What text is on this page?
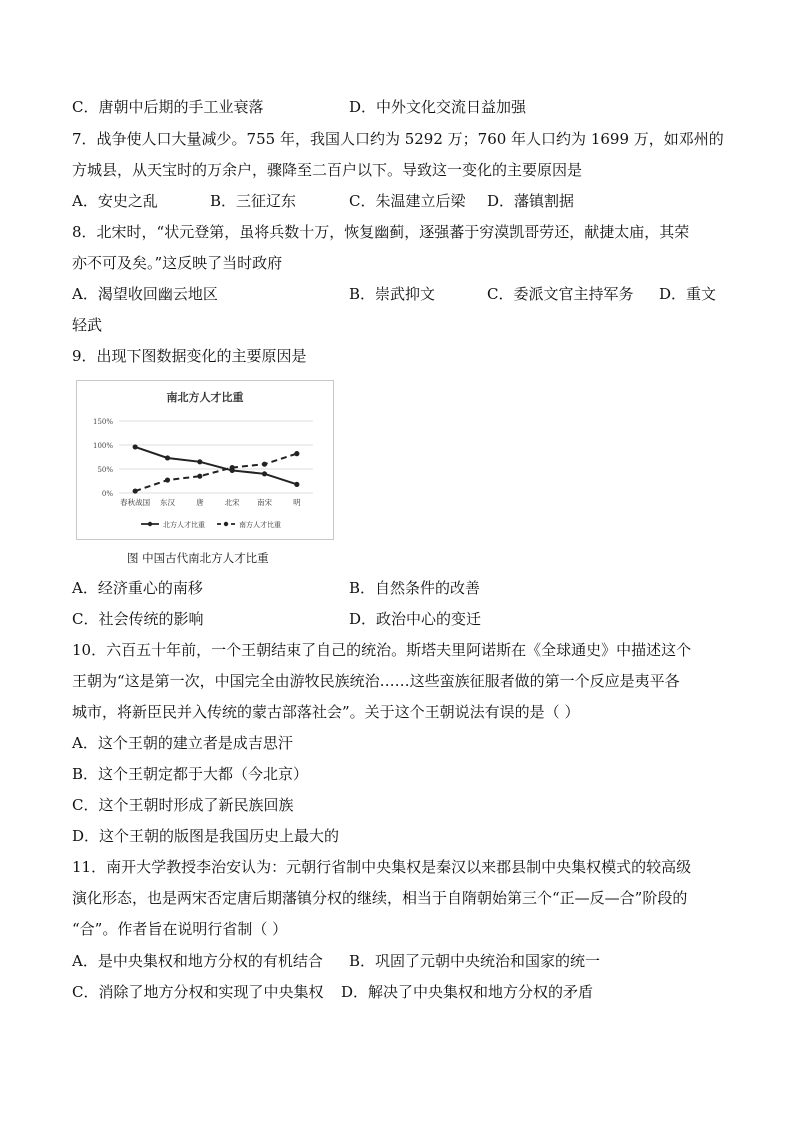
C．唐朝中后期的手工业衰落	D．中外文化交流日益加强
7．战争使人口大量减少。755 年，我国人口约为 5292 万；760 年人口约为 1699 万，如邓州的
方城县，从天宝时的万余户，骤降至二百户以下。导致这一变化的主要原因是
A．安史之乱	B．三征辽东	C．朱温建立后梁 D．藩镇割据
8．北宋时，“状元登第，虽将兵数十万，恢复幽蓟，逐强蕃于穷漠凯哥劳还，献捷太庙，其荣
亦不可及矣。”这反映了当时政府
A．渴望收回幽云地区	B．崇武抑文	C．委派文官主持军务 D．重文
轻武
9．出现下图数据变化的主要原因是
南北方人才比重
0%
50%
100%
150%
春秋战国 东汉	唐	北宋 南宋	明
北方人才比重	南方人才比重
图 中国古代南北方人才比重
A．经济重心的南移	B．自然条件的改善
C．社会传统的影响	D．政治中心的变迁
10．六百五十年前，一个王朝结束了自己的统治。斯塔夫里阿诺斯在《全球通史》中描述这个
王朝为“这是第一次，中国完全由游牧民族统治……这些蛮族征服者做的第一个反应是夷平各
城市，将新臣民并入传统的蒙古部落社会”。关于这个王朝说法有误的是（ ）
A．这个王朝的建立者是成吉思汗
B．这个王朝定都于大都（今北京）
C．这个王朝时形成了新民族回族
D．这个王朝的版图是我国历史上最大的
11．南开大学教授李治安认为：元朝行省制中央集权是秦汉以来郡县制中央集权模式的较高级
演化形态，也是两宋否定唐后期藩镇分权的继续，相当于自隋朝始第三个“正—反—合”阶段的
“合”。作者旨在说明行省制（ ）
A．是中央集权和地方分权的有机结合 B．巩固了元朝中央统治和国家的统一
C．消除了地方分权和实现了中央集权 D．解决了中央集权和地方分权的矛盾
